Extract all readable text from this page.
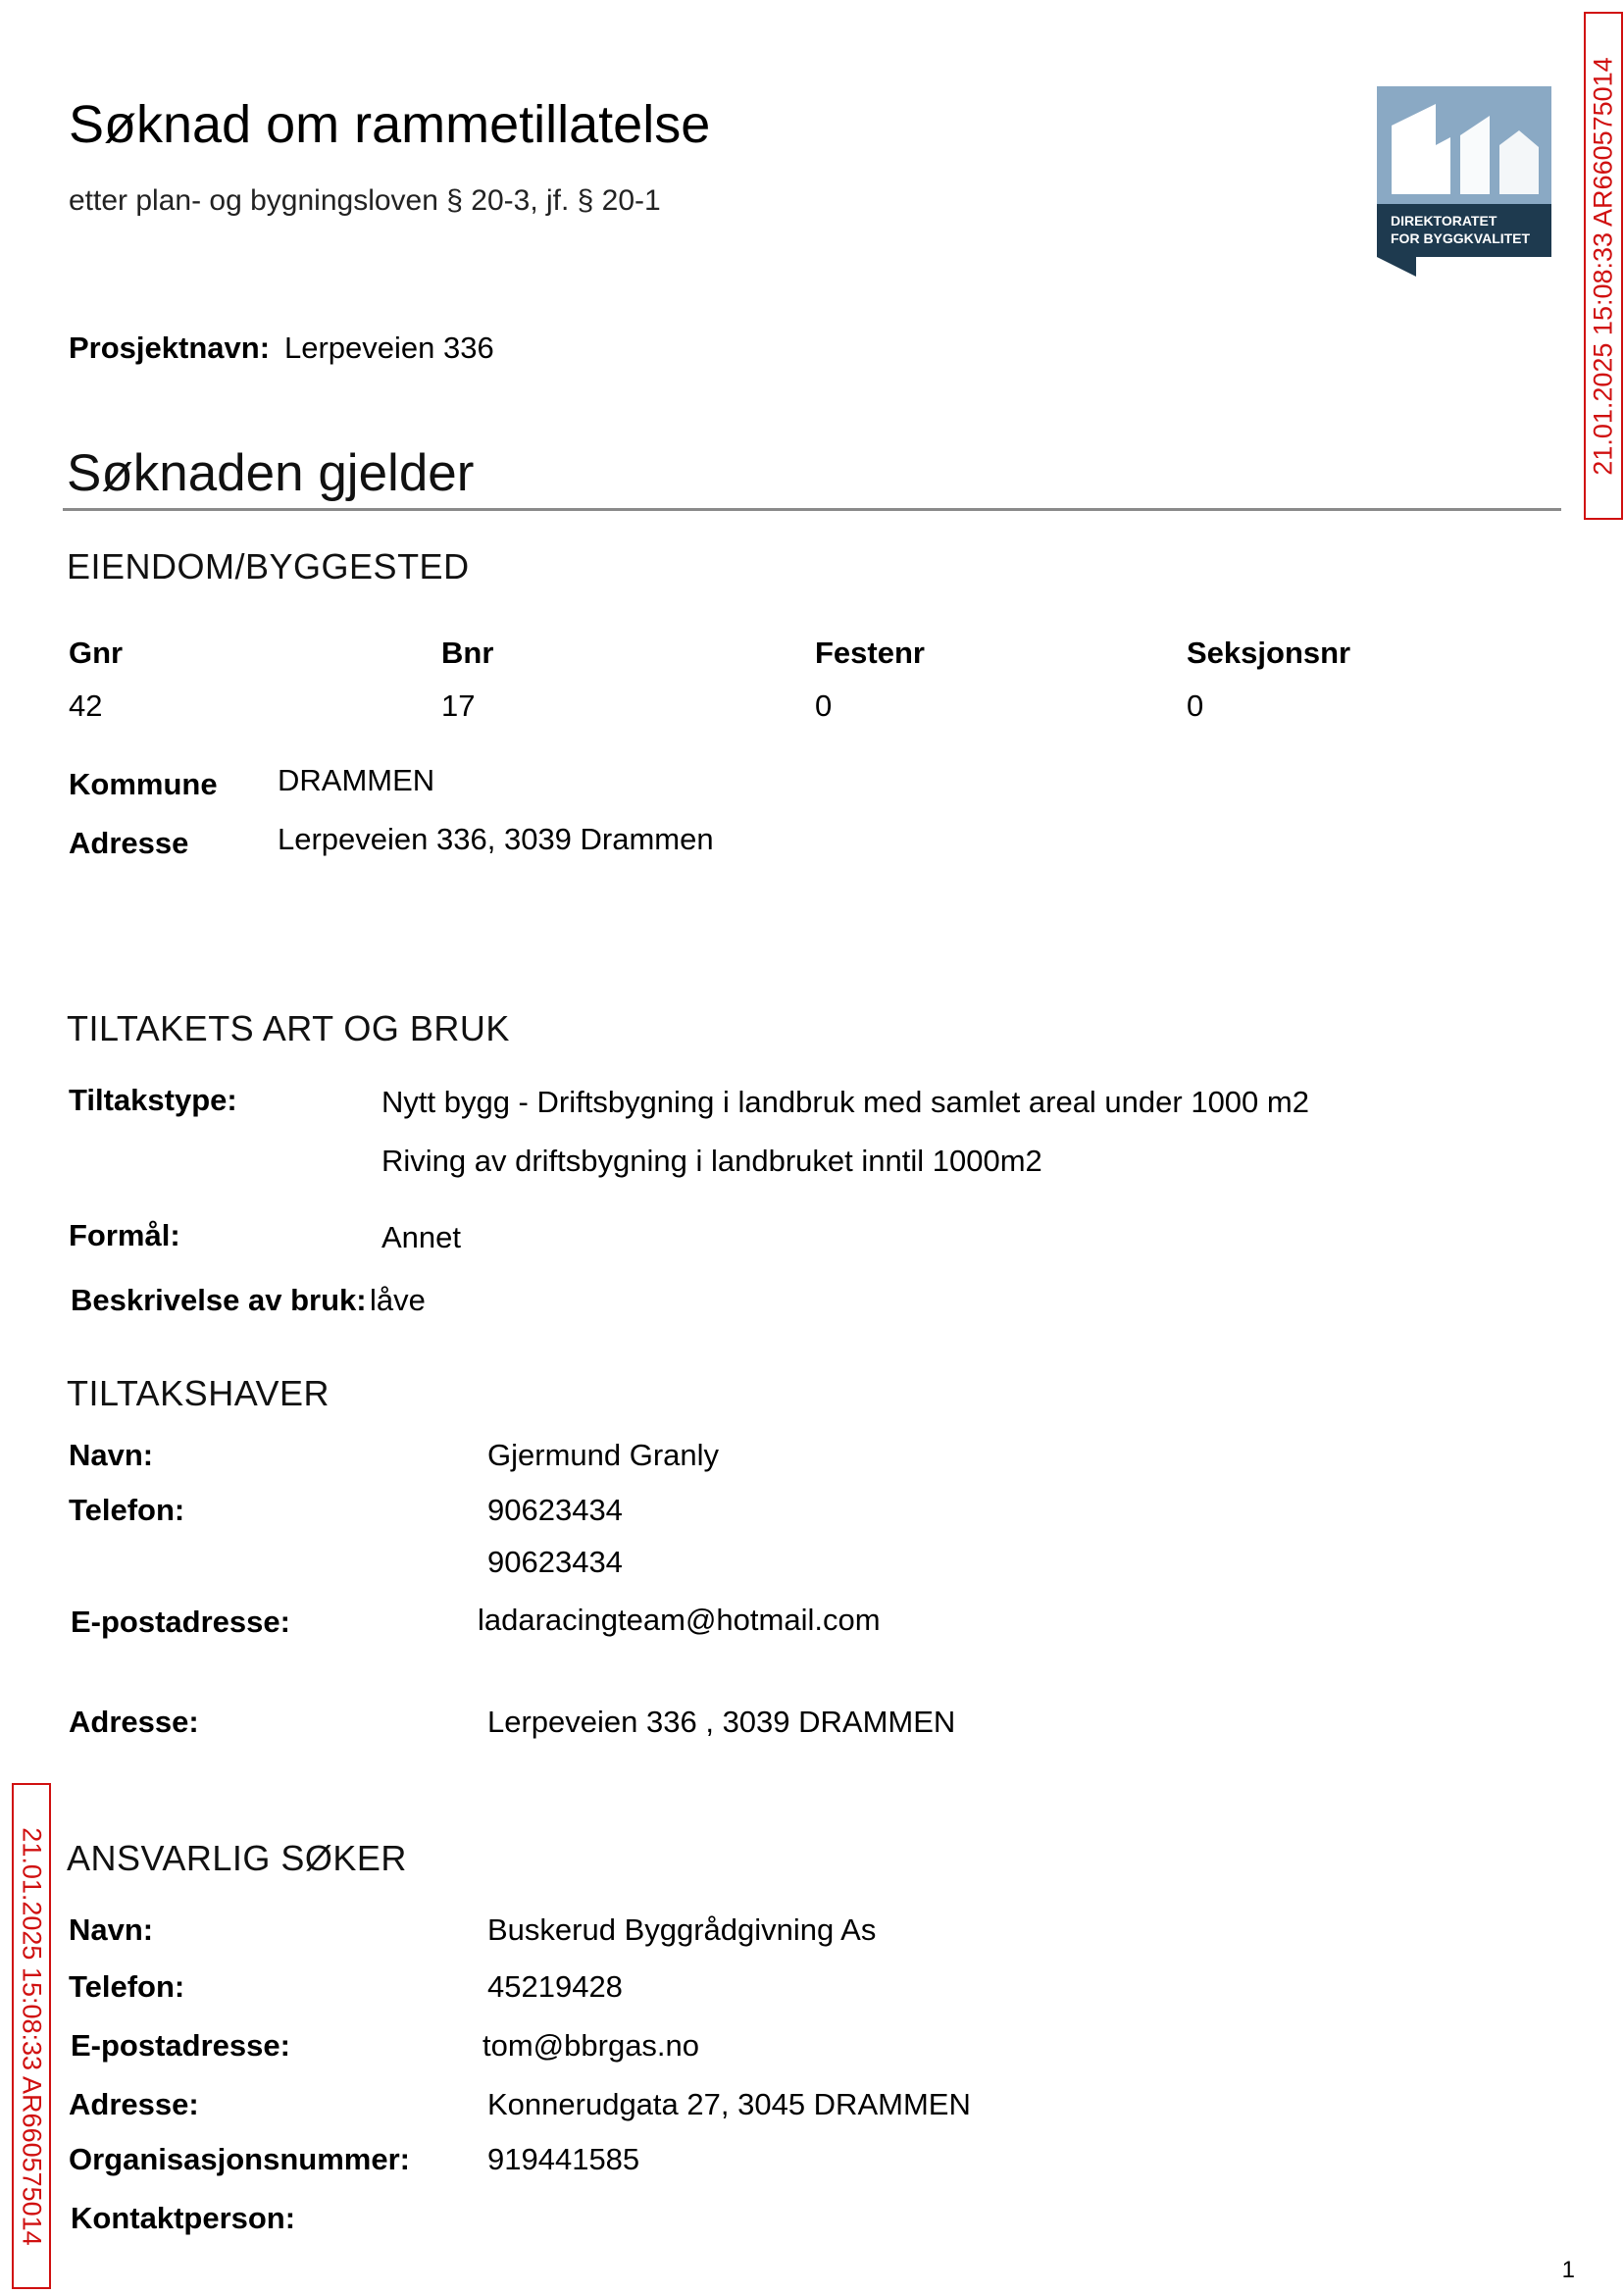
Søknad om rammetillatelse
etter plan- og bygningsloven § 20-3, jf. § 20-1
DIREKTORATET
FOR BYGGKVALITET 21.01.2025 15:08:33 AR660575014
21.01.2025 15:08:33 AR660575014
Prosjektnavn: Lerpeveien 336
Søknaden gjelder
EIENDOM/BYGGESTED
Gnr	Bnr	Festenr	Seksjonsnr
42	17	0	0
Kommune DRAMMEN
Adresse	Lerpeveien 336, 3039 Drammen
TILTAKETS ART OG BRUK
Tiltakstype:	Nytt bygg - Driftsbygning i landbruk med samlet areal under 1000 m2
Riving av driftsbygning i landbruket inntil 1000m2
Formål:	Annet
Beskrivelse av bruk: låve
TILTAKSHAVER
Navn:	Gjermund Granly
Telefon:	90623434
90623434
E-postadresse:	ladaracingteam@hotmail.com
Adresse:	Lerpeveien 336 , 3039 DRAMMEN
ANSVARLIG SØKER
Navn:	Buskerud Byggrådgivning As
Telefon:	45219428
E-postadresse:	tom@bbrgas.no
Adresse:	Konnerudgata 27, 3045 DRAMMEN
Organisasjonsnummer:	919441585
Kontaktperson:
1
